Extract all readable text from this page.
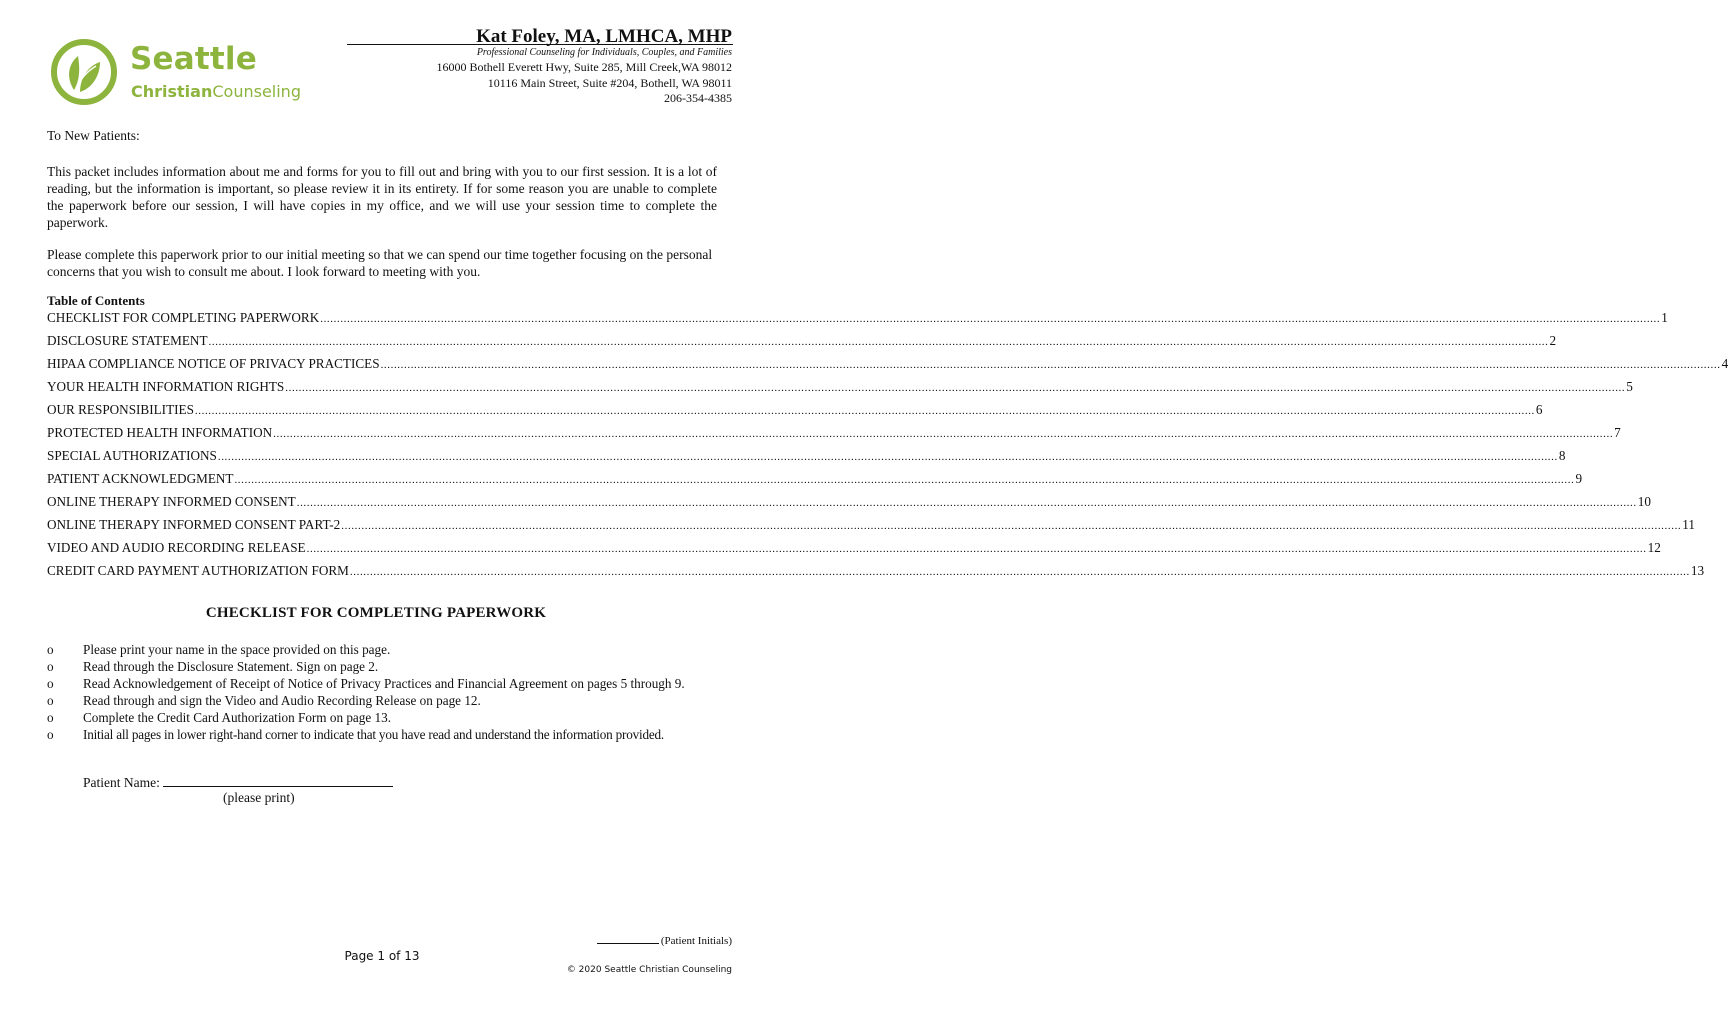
Seattle
ChristianCounseling
Kat Foley, MA, LMHCA, MHP
Professional Counseling for Individuals, Couples, and Families
16000 Bothell Everett Hwy, Suite 285, Mill Creek,WA 98012
10116 Main Street, Suite #204, Bothell, WA 98011
206-354-4385
To New Patients:
This packet includes information about me and forms for you to fill out and bring with you to our first session. It is a lot of reading, but the information is important, so please review it in its entirety. If for some reason you are unable to complete the paperwork before our session, I will have copies in my office, and we will use your session time to complete the paperwork.
Please complete this paperwork prior to our initial meeting so that we can spend our time together focusing on the personal concerns that you wish to consult me about. I look forward to meeting with you.
Table of Contents
CHECKLIST FOR COMPLETING PAPERWORK ................................................................................................................................................................................................................................................................................................................................................................................................................ 1
DISCLOSURE STATEMENT ................................................................................................................................................................................................................................................................................................................................................................................................................ 2
HIPAA COMPLIANCE NOTICE OF PRIVACY PRACTICES ................................................................................................................................................................................................................................................................................................................................................................................................................ 4
YOUR HEALTH INFORMATION RIGHTS ................................................................................................................................................................................................................................................................................................................................................................................................................ 5
OUR RESPONSIBILITIES ................................................................................................................................................................................................................................................................................................................................................................................................................ 6
PROTECTED HEALTH INFORMATION ................................................................................................................................................................................................................................................................................................................................................................................................................ 7
SPECIAL AUTHORIZATIONS ................................................................................................................................................................................................................................................................................................................................................................................................................ 8
PATIENT ACKNOWLEDGMENT ................................................................................................................................................................................................................................................................................................................................................................................................................ 9
ONLINE THERAPY INFORMED CONSENT ................................................................................................................................................................................................................................................................................................................................................................................................................ 10
ONLINE THERAPY INFORMED CONSENT PART-2 ................................................................................................................................................................................................................................................................................................................................................................................................................ 11
VIDEO AND AUDIO RECORDING RELEASE ................................................................................................................................................................................................................................................................................................................................................................................................................ 12
CREDIT CARD PAYMENT AUTHORIZATION FORM ................................................................................................................................................................................................................................................................................................................................................................................................................ 13
CHECKLIST FOR COMPLETING PAPERWORK
o	Please print your name in the space provided on this page.
o	Read through the Disclosure Statement. Sign on page 2.
o	Read Acknowledgement of Receipt of Notice of Privacy Practices and Financial Agreement on pages 5 through 9.
o	Read through and sign the Video and Audio Recording Release on page 12.
o	Complete the Credit Card Authorization Form on page 13.
o	Initial all pages in lower right-hand corner to indicate that you have read and understand the information provided.
Patient Name:
(please print)
(Patient Initials)
Page 1 of 13
© 2020 Seattle Christian Counseling
